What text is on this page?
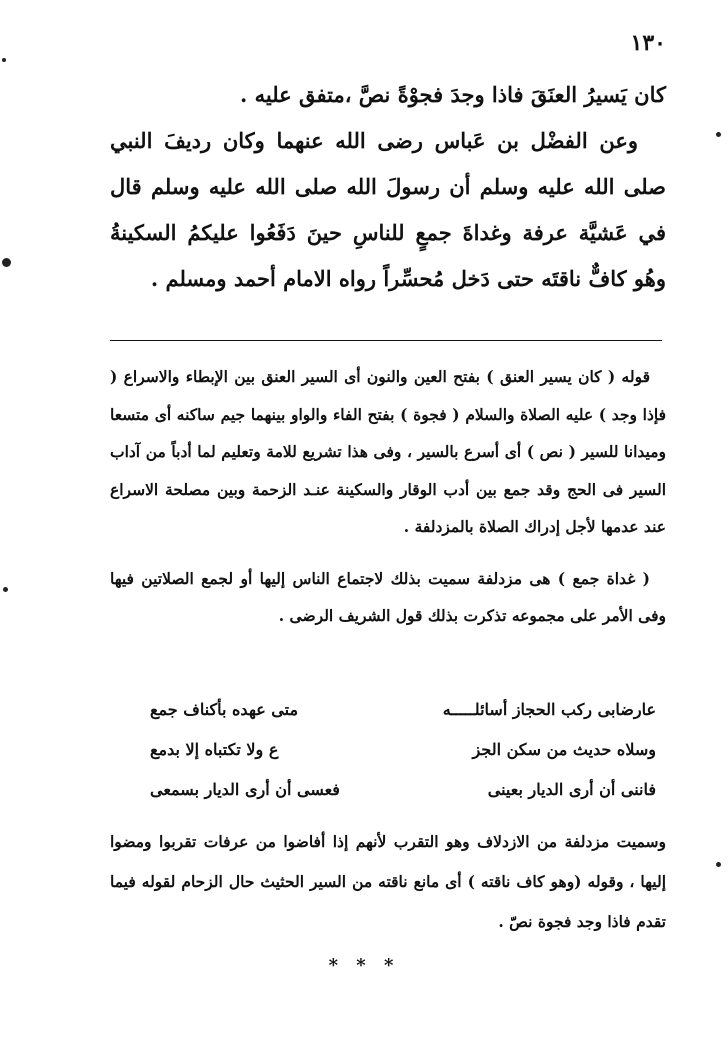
١٣٠

كان يَسيرُ العنَقَ فاذا وجدَ فجوْةً نصَّ ،متفق عليه .

وعن الفضْل بن عَباس رضى الله عنهما وكان رديفَ النبي صلى الله عليه وسلم أن رسولَ الله صلى الله عليه وسلم قال في عَشيَّة عرفة وغداةَ جمعٍ للناسِ حينَ دَفَعُوا عليكمُ السكينةُ وهُو كافٌّ ناقتَه حتى دَخل مُحسِّراً رواه الامام أحمد ومسلم .

قوله ( كان يسير العنق ) بفتح العين والنون أى السير العنق بين الإبطاء والاسراع ( فإذا وجد ) عليه الصلاة والسلام ( فجوة ) بفتح الفاء والواو بينهما جيم ساكنه أى متسعا وميدانا للسير ( نص ) أى أسرع بالسير ، وفى هذا تشريع للامة وتعليم لما أدباً من آداب السير فى الحج وقد جمع بين أدب الوقار والسكينة عنـد الزحمة وبين مصلحة الاسراع عند عدمها لأجل إدراك الصلاة بالمزدلفة .

( غداة جمع ) هى مزدلفة سميت بذلك لاجتماع الناس إليها أو لجمع الصلاتين فيها وفى الأمر على مجموعه تذكرت بذلك قول الشريف الرضى .

عارضابى ركب الحجاز أسائلـــــه
متى عهده بأكناف جمع
وسلاه حديث من سكن الجز
ع ولا تكتباه إلا بدمع
فاننى أن أرى الديار بعينى
فعسى أن أرى الديار بسمعى

وسميت مزدلفة من الازدلاف وهو التقرب لأنهم إذا أفاضوا من عرفات تقربوا ومضوا إليها ، وقوله (وهو كاف ناقته ) أى مانع ناقته من السير الحثيث حال الزحام لقوله فيما تقدم فاذا وجد فجوة نصّ .

* * *
